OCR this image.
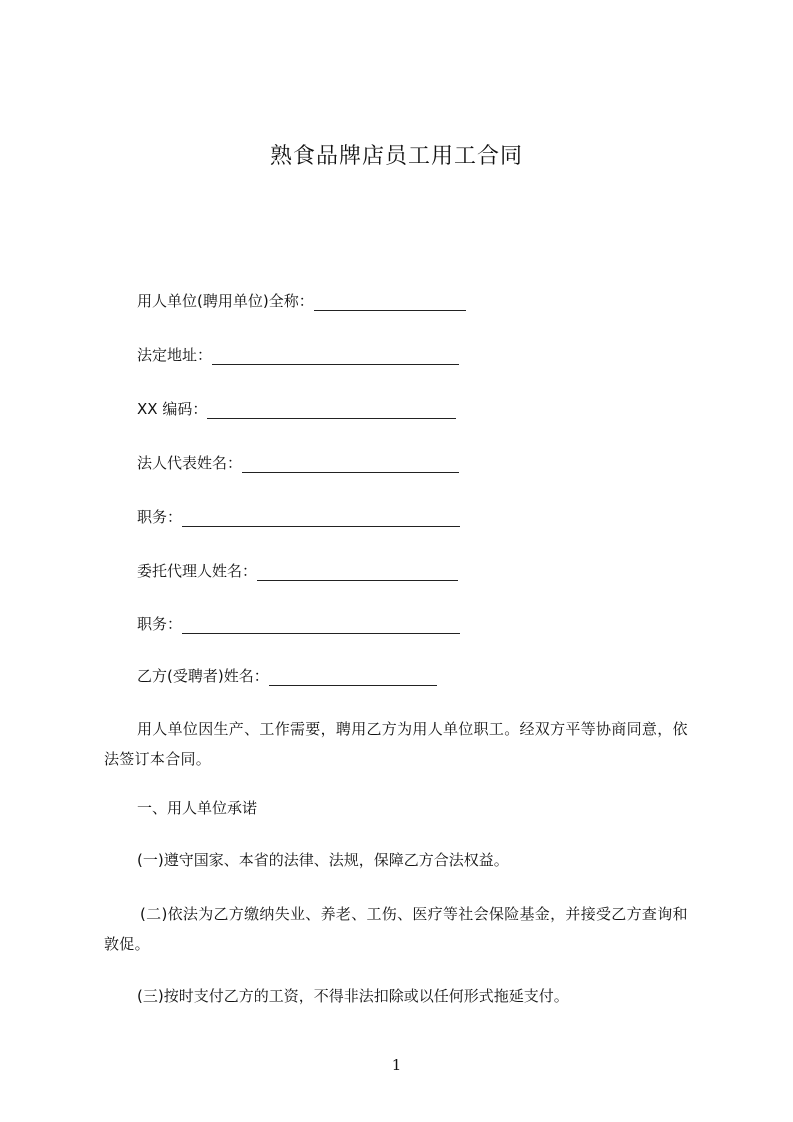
熟食品牌店员工用工合同
用人单位(聘用单位)全称：
法定地址：
XX 编码：
法人代表姓名：
职务：
委托代理人姓名：
职务：
乙方(受聘者)姓名：
用人单位因生产、工作需要，聘用乙方为用人单位职工。经双方平等协商同意，依法签订本合同。
一、用人单位承诺
(一)遵守国家、本省的法律、法规，保障乙方合法权益。
(二)依法为乙方缴纳失业、养老、工伤、医疗等社会保险基金，并接受乙方查询和敦促。
(三)按时支付乙方的工资，不得非法扣除或以任何形式拖延支付。
1
